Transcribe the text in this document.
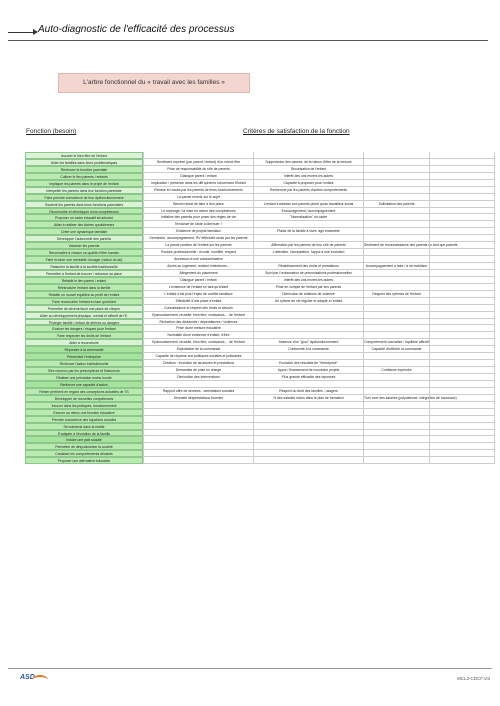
Auto-diagnostic de l'efficacité des processus
L'arbre fonctionnel du « travail avec les familles »
Fonction (besoin)	Critères de satisfaction de la fonction
Assurer le bien être de l'enfant
Aider les familles dans leurs problématiques	Sentiment exprimé (par parent / enfant) d'un mieux être	Suppression des causes, de la raison d'être de la mesure
Renforcer la fonction parentale	Prise de responsabilité du rôle de parents	Sécurisation de l'enfant
Cultiver le lien parents / enfants	Dialogue parent / enfant	Intérêt des uns envers les autres
Impliquer les parents dans le projet de l'enfant	Implication / présence dans les diff sphères concernant l'Enfant	Capacité à proposer pour l'enfant
Interpeller les parents dans leur fonction parentale	Remise en cause par les parents de leurs fonctionnements	Recherche par les parents d'autres comportements
Faire prendre conscience de leur dysfonctionnement	La parole revenir sur le sujet
Soutenir les parents dans leurs fonctions parentales	Besoin réduit de faire à leur place	L'enfant s'adresse aux parents plutôt qu'au travailleur social	Sollicitation des parents
Reconnaître et développer leurs compétences	Le repérage / la mise en valeur des compétences	Encouragement / accompagnement
Proposer un cadre éducatif structurant	Initiative des parents pour poser des règles de vie	"Normalisation" du cadre
Aider à réaliser des tâches quotidiennes	Tendance de l'aide à diminuer ?
Créer une dynamique familiale	Existence de projets familiaux	Plaisir de la famille à vivre, agir ensemble
Développer l'autonomie des parents	Démarche, accompagnement, RV effectués seuls par les parents
Valoriser les parents	La parole positive de l'enfant sur les parents	Affirmation par les parents de leur rôle de parents	Sentiment de reconnaissance des parents en tant que parents
Reconnaître à chacun sa qualité d'être humain	Posture professionnelle : écoute, humilité, respect	L'attention, l'acceptation, l'appui à une évolution
Faire évoluer une mentalité d'usager (notion du dû)	Accession à une autonomisation
Rattacher la famille à la société traditionnelle	Accès au logement, relation extérieures...	Rétablissement des droits et prestations	Accompagnement à faire / à se mobiliser
Permettre à l'enfant de trouver / retrouver sa place	Allègement du placement	Suivi par l'ordonnateur de préconisations professionnelles
Rétablir le lien parent / enfant	Dialogue parent / enfant	Intérêt des uns envers les autres
Réintroduire l'enfant dans la famille	L'existence de l'enfant en tant qu'enfant	Prise en compte de l'enfant par ses parents
Rétablir un nouvel équilibre au profit de l'enfant	L'enfant n'est plus l'enjeu de conflits familiaux	Diminution de relations de violence	Respect des rythmes de l'enfant
Faire reconnaître l'enfant en tant qu'enfant	Effectivité d'une place d'enfant	Un rythme de vie régulier et adapté à l'enfant
Permettre de devenir/avoir une place de citoyen	Connaissance et respect des droits et devoirs
Aider au développement physique, mental et affectif de l'E.	Epanouissement, réussite, bien être, croissance,... de l'enfant
Protéger famille / enfant de dérives ou dangers	Réduction des déviances / dépendances / violences
Evaluer les dangers / risques pour l'enfant	Prise d'une mesure éducative
Faire respecter les droits de l'enfant	Normalité d'une existence d'enfant, d'être
Aider à reconstruire	Epanouissement, réussite, bien être, croissance,... de l'enfant	Absence d'un "gros" dysfonctionnement	Comportement normalisé / équilibre affectif
Répondre à la commande	Exploitation de la commande	Conformité à la commande	Capacité d'infléchir la commande
Pérenniser l'entreprise	Capacité de réponse aux politiques sociales et judiciaires
Renforcer l'action institutionnelle	Création : évolution de structures et prestations	Evolution des résultats de "l'entreprise"
Etre reconnu par les prescripteurs et financeurs	Demandes de prise en charge	Appui / financement de nouveaux projets	Confiance exprimée
Réaliser une prestation moins lourde	Diminution des interventions	Plus grande efficacité des réponses
Renforcer une capacité d'action
Rester pertinent en regard des conceptions actuelles de TS	Rapport offre de services : orientations sociales	Respect du droit des familles : usagers
Développer de nouvelles compétences	Diversité desprestations fournies	% des salariés inclus dans le plan de formation	Turn over des salariés (polyvalence, intégration de nouveaux)
Innover dans les pratiques, fonctionnement
Exercer au mieux une fonction éducative
Prendre conscience des injustices sociales
Se maintenir dans la réalité
S'adapter à l'évolution de la famille
Induire une paix sociale
Permettre de désjudiciariser la société
Canaliser les comportements déviants
Proposer une alternative éducative
ASD	MCL3-CDCF.Vol
